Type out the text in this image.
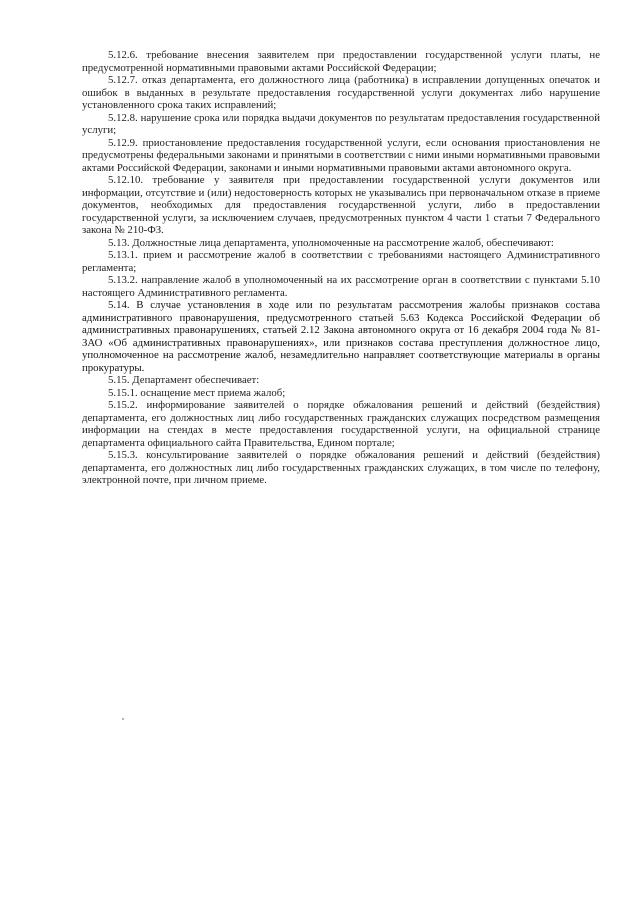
5.12.6. требование внесения заявителем при предоставлении государственной услуги платы, не предусмотренной нормативными правовыми актами Российской Федерации;

5.12.7. отказ департамента, его должностного лица (работника) в исправлении допущенных опечаток и ошибок в выданных в результате предоставления государственной услуги документах либо нарушение установленного срока таких исправлений;

5.12.8. нарушение срока или порядка выдачи документов по результатам предоставления государственной услуги;

5.12.9. приостановление предоставления государственной услуги, если основания приостановления не предусмотрены федеральными законами и принятыми в соответствии с ними иными нормативными правовыми актами Российской Федерации, законами и иными нормативными правовыми актами автономного округа.

5.12.10. требование у заявителя при предоставлении государственной услуги документов или информации, отсутствие и (или) недостоверность которых не указывались при первоначальном отказе в приеме документов, необходимых для предоставления государственной услуги, либо в предоставлении государственной услуги, за исключением случаев, предусмотренных пунктом 4 части 1 статьи 7 Федерального закона № 210-ФЗ.

5.13. Должностные лица департамента, уполномоченные на рассмотрение жалоб, обеспечивают:

5.13.1. прием и рассмотрение жалоб в соответствии с требованиями настоящего Административного регламента;

5.13.2. направление жалоб в уполномоченный на их рассмотрение орган в соответствии с пунктами 5.10 настоящего Административного регламента.

5.14. В случае установления в ходе или по результатам рассмотрения жалобы признаков состава административного правонарушения, предусмотренного статьей 5.63 Кодекса Российской Федерации об административных правонарушениях, статьей 2.12 Закона автономного округа от 16 декабря 2004 года № 81-ЗАО «Об административных правонарушениях», или признаков состава преступления должностное лицо, уполномоченное на рассмотрение жалоб, незамедлительно направляет соответствующие материалы в органы прокуратуры.

5.15. Департамент обеспечивает:

5.15.1. оснащение мест приема жалоб;

5.15.2. информирование заявителей о порядке обжалования решений и действий (бездействия) департамента, его должностных лиц либо государственных гражданских служащих посредством размещения информации на стендах в месте предоставления государственной услуги, на официальной странице департамента официального сайта Правительства, Едином портале;

5.15.3. консультирование заявителей о порядке обжалования решений и действий (бездействия) департамента, его должностных лиц либо государственных гражданских служащих, в том числе по телефону, электронной почте, при личном приеме.
